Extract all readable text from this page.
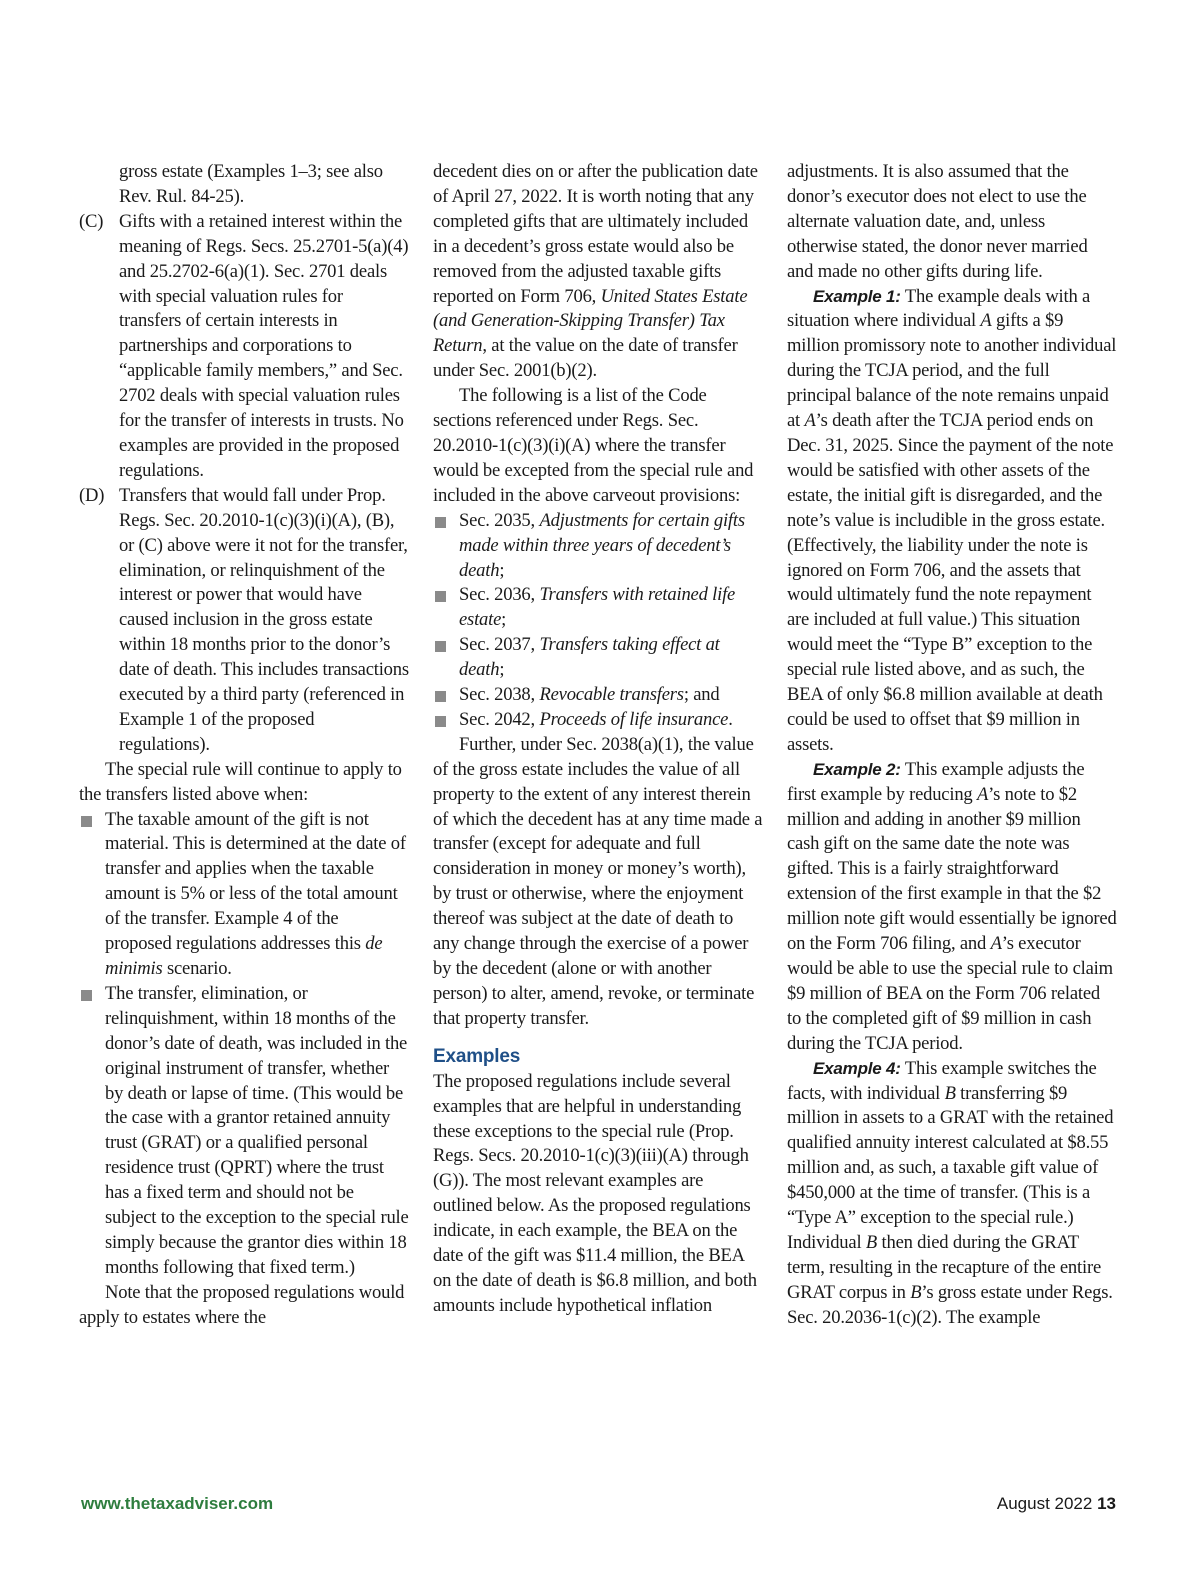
gross estate (Examples 1–3; see also Rev. Rul. 84-25).

(C) Gifts with a retained interest within the meaning of Regs. Secs. 25.2701-5(a)(4) and 25.2702-6(a)(1). Sec. 2701 deals with special valuation rules for transfers of certain interests in partnerships and corporations to “applicable family members,” and Sec. 2702 deals with special valuation rules for the transfer of interests in trusts. No examples are provided in the proposed regulations.
(D) Transfers that would fall under Prop. Regs. Sec. 20.2010-1(c)(3)(i)(A), (B), or (C) above were it not for the transfer, elimination, or relinquishment of the interest or power that would have caused inclusion in the gross estate within 18 months prior to the donor’s date of death. This includes transactions executed by a third party (referenced in Example 1 of the proposed regulations).

The special rule will continue to apply to the transfers listed above when:

The taxable amount of the gift is not material. This is determined at the date of transfer and applies when the taxable amount is 5% or less of the total amount of the transfer. Example 4 of the proposed regulations addresses this de minimis scenario.
The transfer, elimination, or relinquishment, within 18 months of the donor’s date of death, was included in the original instrument of transfer, whether by death or lapse of time. (This would be the case with a grantor retained annuity trust (GRAT) or a qualified personal residence trust (QPRT) where the trust has a fixed term and should not be subject to the exception to the special rule simply because the grantor dies within 18 months following that fixed term.)

Note that the proposed regulations would apply to estates where the

decedent dies on or after the publication date of April 27, 2022. It is worth noting that any completed gifts that are ultimately included in a decedent’s gross estate would also be removed from the adjusted taxable gifts reported on Form 706, United States Estate (and Generation-Skipping Transfer) Tax Return, at the value on the date of transfer under Sec. 2001(b)(2).

The following is a list of the Code sections referenced under Regs. Sec. 20.2010-1(c)(3)(i)(A) where the transfer would be excepted from the special rule and included in the above carveout provisions:

Sec. 2035, Adjustments for certain gifts made within three years of decedent’s death;
Sec. 2036, Transfers with retained life estate;
Sec. 2037, Transfers taking effect at death;
Sec. 2038, Revocable transfers; and
Sec. 2042, Proceeds of life insurance.

Further, under Sec. 2038(a)(1), the value of the gross estate includes the value of all property to the extent of any interest therein of which the decedent has at any time made a transfer (except for adequate and full consideration in money or money’s worth), by trust or otherwise, where the enjoyment thereof was subject at the date of death to any change through the exercise of a power by the decedent (alone or with another person) to alter, amend, revoke, or terminate that property transfer.

Examples

The proposed regulations include several examples that are helpful in understanding these exceptions to the special rule (Prop. Regs. Secs. 20.2010-1(c)(3)(iii)(A) through (G)). The most relevant examples are outlined below. As the proposed regulations indicate, in each example, the BEA on the date of the gift was $11.4 million, the BEA on the date of death is $6.8 million, and both amounts include hypothetical inflation

adjustments. It is also assumed that the donor’s executor does not elect to use the alternate valuation date, and, unless otherwise stated, the donor never married and made no other gifts during life.

Example 1: The example deals with a situation where individual A gifts a $9 million promissory note to another individual during the TCJA period, and the full principal balance of the note remains unpaid at A’s death after the TCJA period ends on Dec. 31, 2025. Since the payment of the note would be satisfied with other assets of the estate, the initial gift is disregarded, and the note’s value is includible in the gross estate. (Effectively, the liability under the note is ignored on Form 706, and the assets that would ultimately fund the note repayment are included at full value.) This situation would meet the “Type B” exception to the special rule listed above, and as such, the BEA of only $6.8 million available at death could be used to offset that $9 million in assets.

Example 2: This example adjusts the first example by reducing A’s note to $2 million and adding in another $9 million cash gift on the same date the note was gifted. This is a fairly straightforward extension of the first example in that the $2 million note gift would essentially be ignored on the Form 706 filing, and A’s executor would be able to use the special rule to claim $9 million of BEA on the Form 706 related to the completed gift of $9 million in cash during the TCJA period.

Example 4: This example switches the facts, with individual B transferring $9 million in assets to a GRAT with the retained qualified annuity interest calculated at $8.55 million and, as such, a taxable gift value of $450,000 at the time of transfer. (This is a “Type A” exception to the special rule.) Individual B then died during the GRAT term, resulting in the recapture of the entire GRAT corpus in B’s gross estate under Regs. Sec. 20.2036-1(c)(2). The example

www.thetaxadviser.com	August 2022 13
